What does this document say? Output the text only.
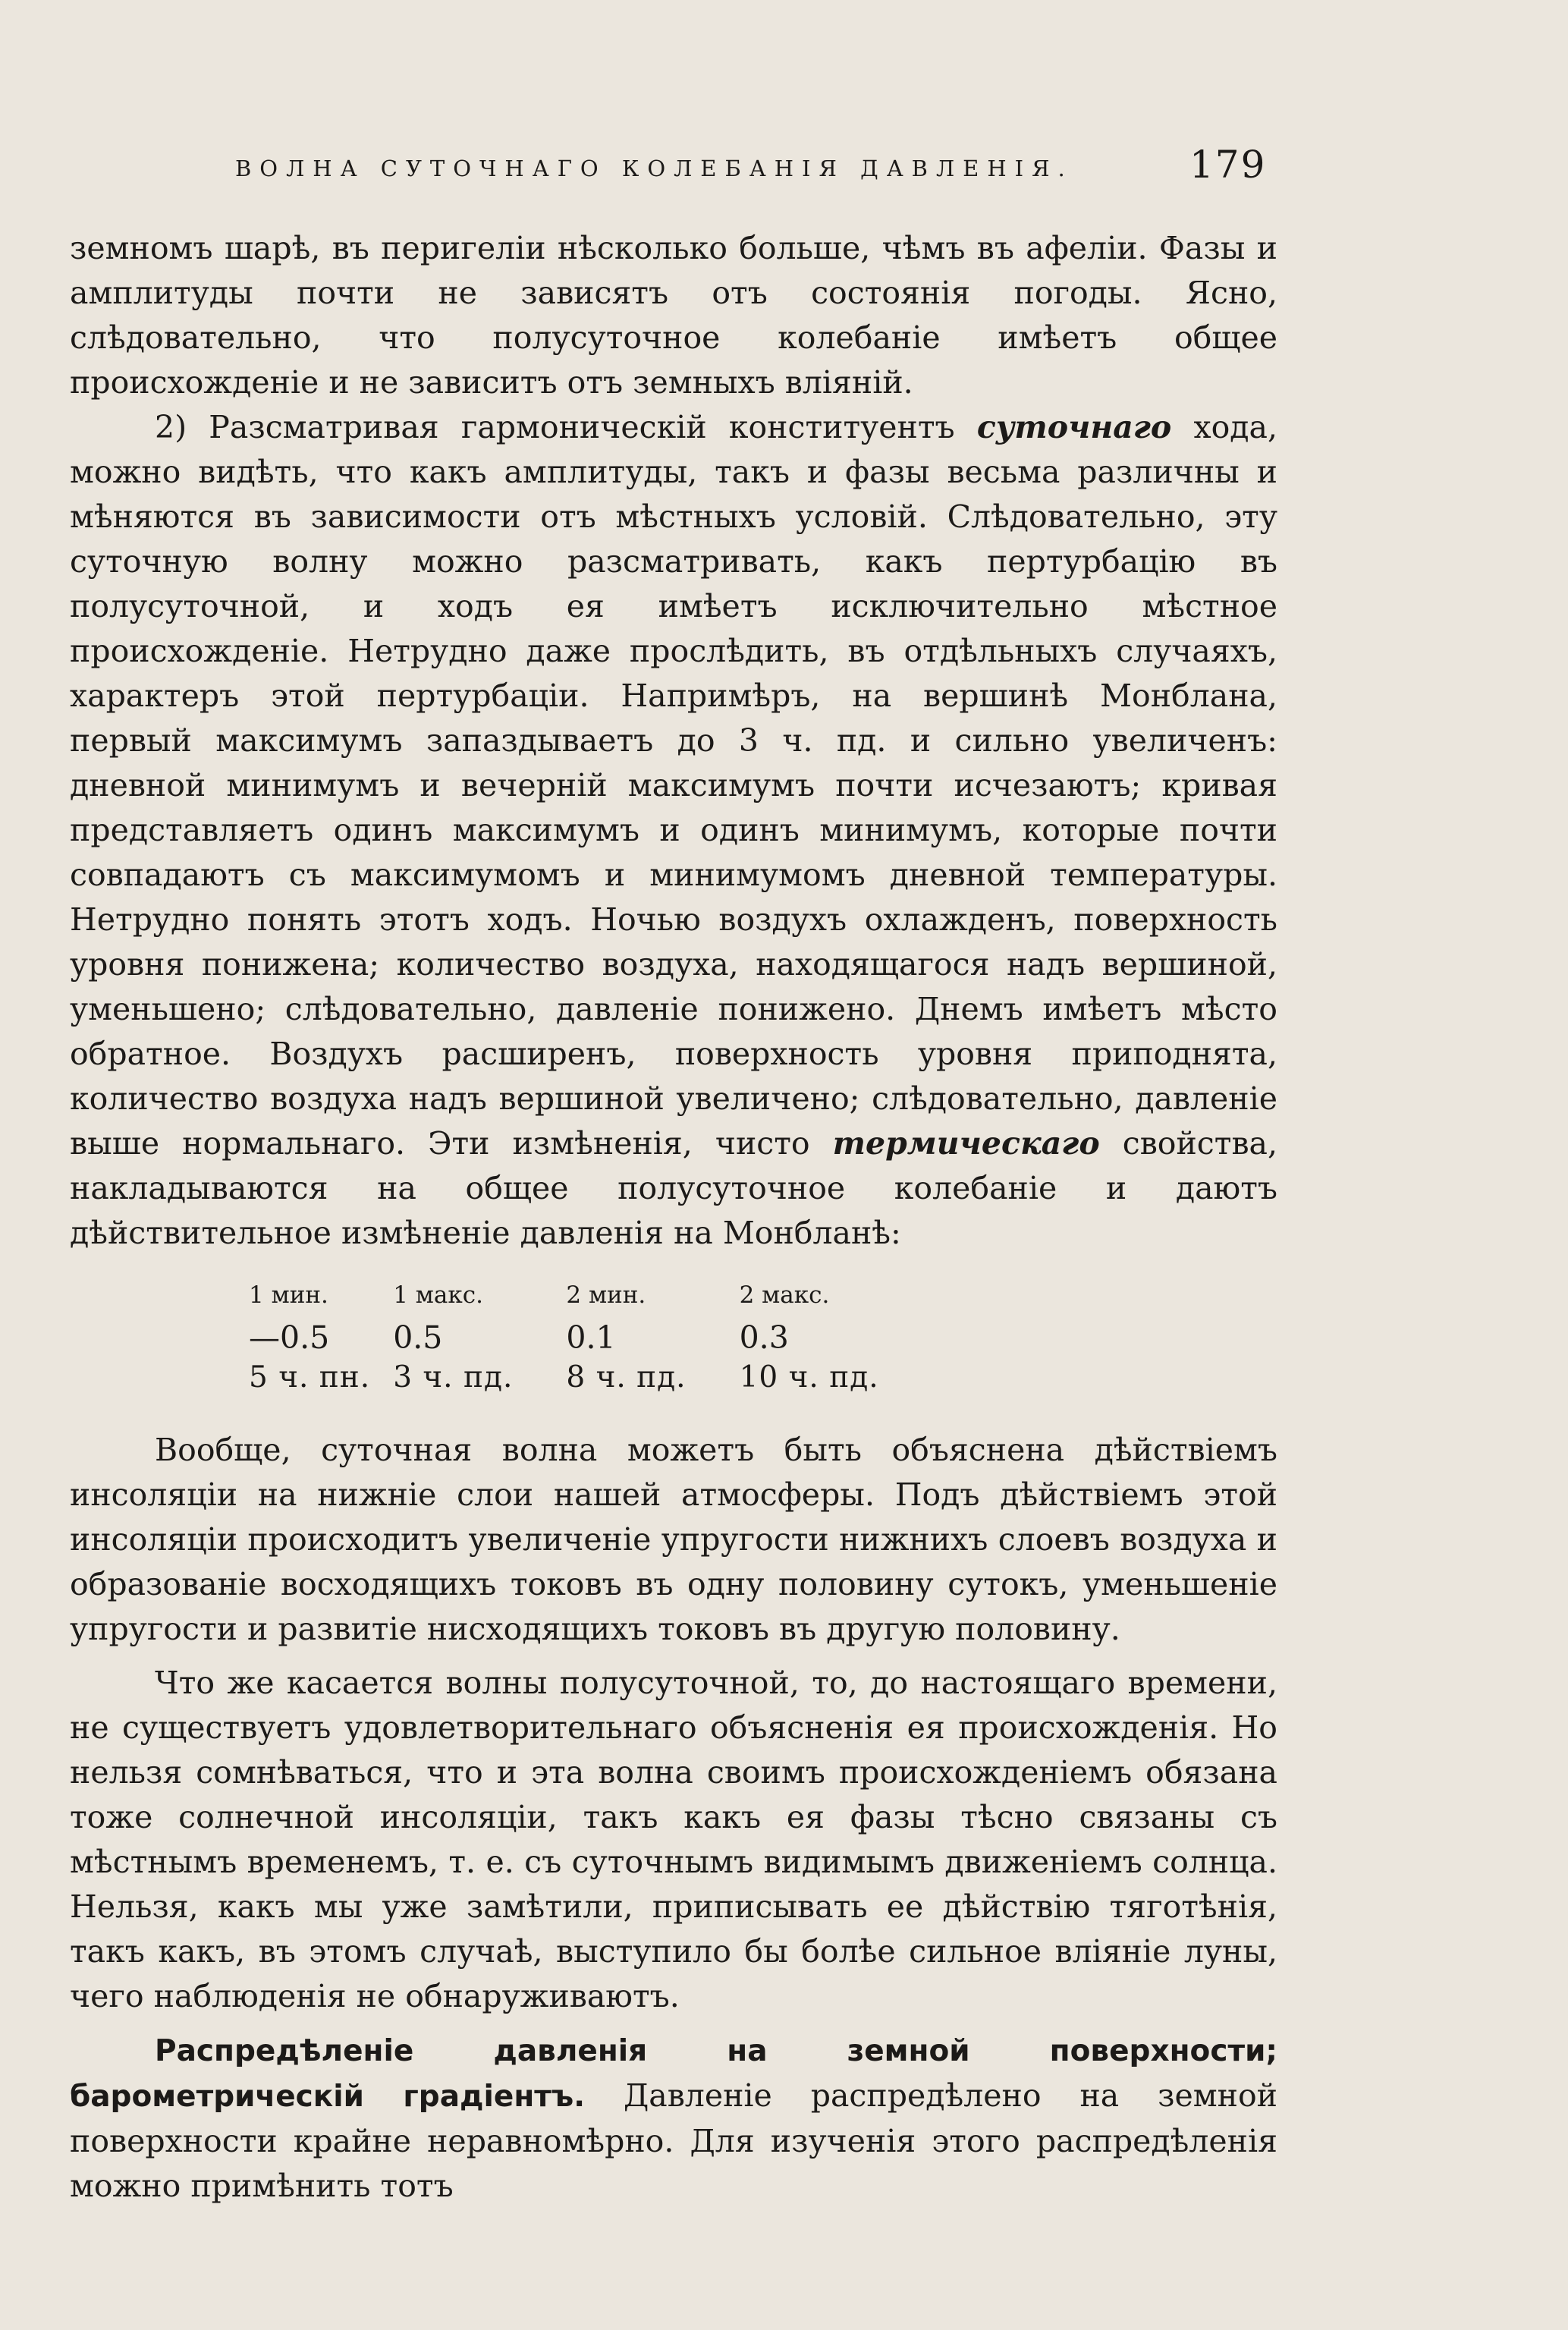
ВОЛНА СУТОЧНАГО КОЛЕБАНІЯ ДАВЛЕНІЯ.	179

земномъ шарѣ, въ перигеліи нѣсколько больше, чѣмъ въ афеліи. Фазы и амплитуды почти не зависятъ отъ состоянія погоды. Ясно, слѣдовательно, что полусуточное колебаніе имѣетъ общее происхожденіе и не зависитъ отъ земныхъ вліяній.

2) Разсматривая гармоническій конституентъ суточнаго хода, можно видѣть, что какъ амплитуды, такъ и фазы весьма различны и мѣняются въ зависимости отъ мѣстныхъ условій. Слѣдовательно, эту суточную волну можно разсматривать, какъ пертурбацію въ полусуточной, и ходъ ея имѣетъ исключительно мѣстное происхожденіе. Нетрудно даже прослѣдить, въ отдѣльныхъ случаяхъ, характеръ этой пертурбаціи. Напримѣръ, на вершинѣ Монблана, первый максимумъ запаздываетъ до 3 ч. пд. и сильно увеличенъ: дневной минимумъ и вечерній максимумъ почти исчезаютъ; кривая представляетъ одинъ максимумъ и одинъ минимумъ, которые почти совпадаютъ съ максимумомъ и минимумомъ дневной температуры. Нетрудно понять этотъ ходъ. Ночью воздухъ охлажденъ, поверхность уровня понижена; количество воздуха, находящагося надъ вершиной, уменьшено; слѣдовательно, давленіе понижено. Днемъ имѣетъ мѣсто обратное. Воздухъ расширенъ, поверхность уровня приподнята, количество воздуха надъ вершиной увеличено; слѣдовательно, давленіе выше нормальнаго. Эти измѣненія, чисто термическаго свойства, накладываются на общее полусуточное колебаніе и даютъ дѣйствительное измѣненіе давленія на Монбланѣ:

1 мин.	1 макс.	2 мин.	2 макс.
—0.5	0.5	0.1	0.3
5 ч. пн.	3 ч. пд.	8 ч. пд.	10 ч. пд.

Вообще, суточная волна можетъ быть объяснена дѣйствіемъ инсоляціи на нижніе слои нашей атмосферы. Подъ дѣйствіемъ этой инсоляціи происходитъ увеличеніе упругости нижнихъ слоевъ воздуха и образованіе восходящихъ токовъ въ одну половину сутокъ, уменьшеніе упругости и развитіе нисходящихъ токовъ въ другую половину.

Что же касается волны полусуточной, то, до настоящаго времени, не существуетъ удовлетворительнаго объясненія ея происхожденія. Но нельзя сомнѣваться, что и эта волна своимъ происхожденіемъ обязана тоже солнечной инсоляціи, такъ какъ ея фазы тѣсно связаны съ мѣстнымъ временемъ, т. е. съ суточнымъ видимымъ движеніемъ солнца. Нельзя, какъ мы уже замѣтили, приписывать ее дѣйствію тяготѣнія, такъ какъ, въ этомъ случаѣ, выступило бы болѣе сильное вліяніе луны, чего наблюденія не обнаруживаютъ.

Распредѣленіе давленія на земной поверхности; барометрическій градіентъ. Давленіе распредѣлено на земной поверхности крайне неравномѣрно. Для изученія этого распредѣленія можно примѣнить тотъ
